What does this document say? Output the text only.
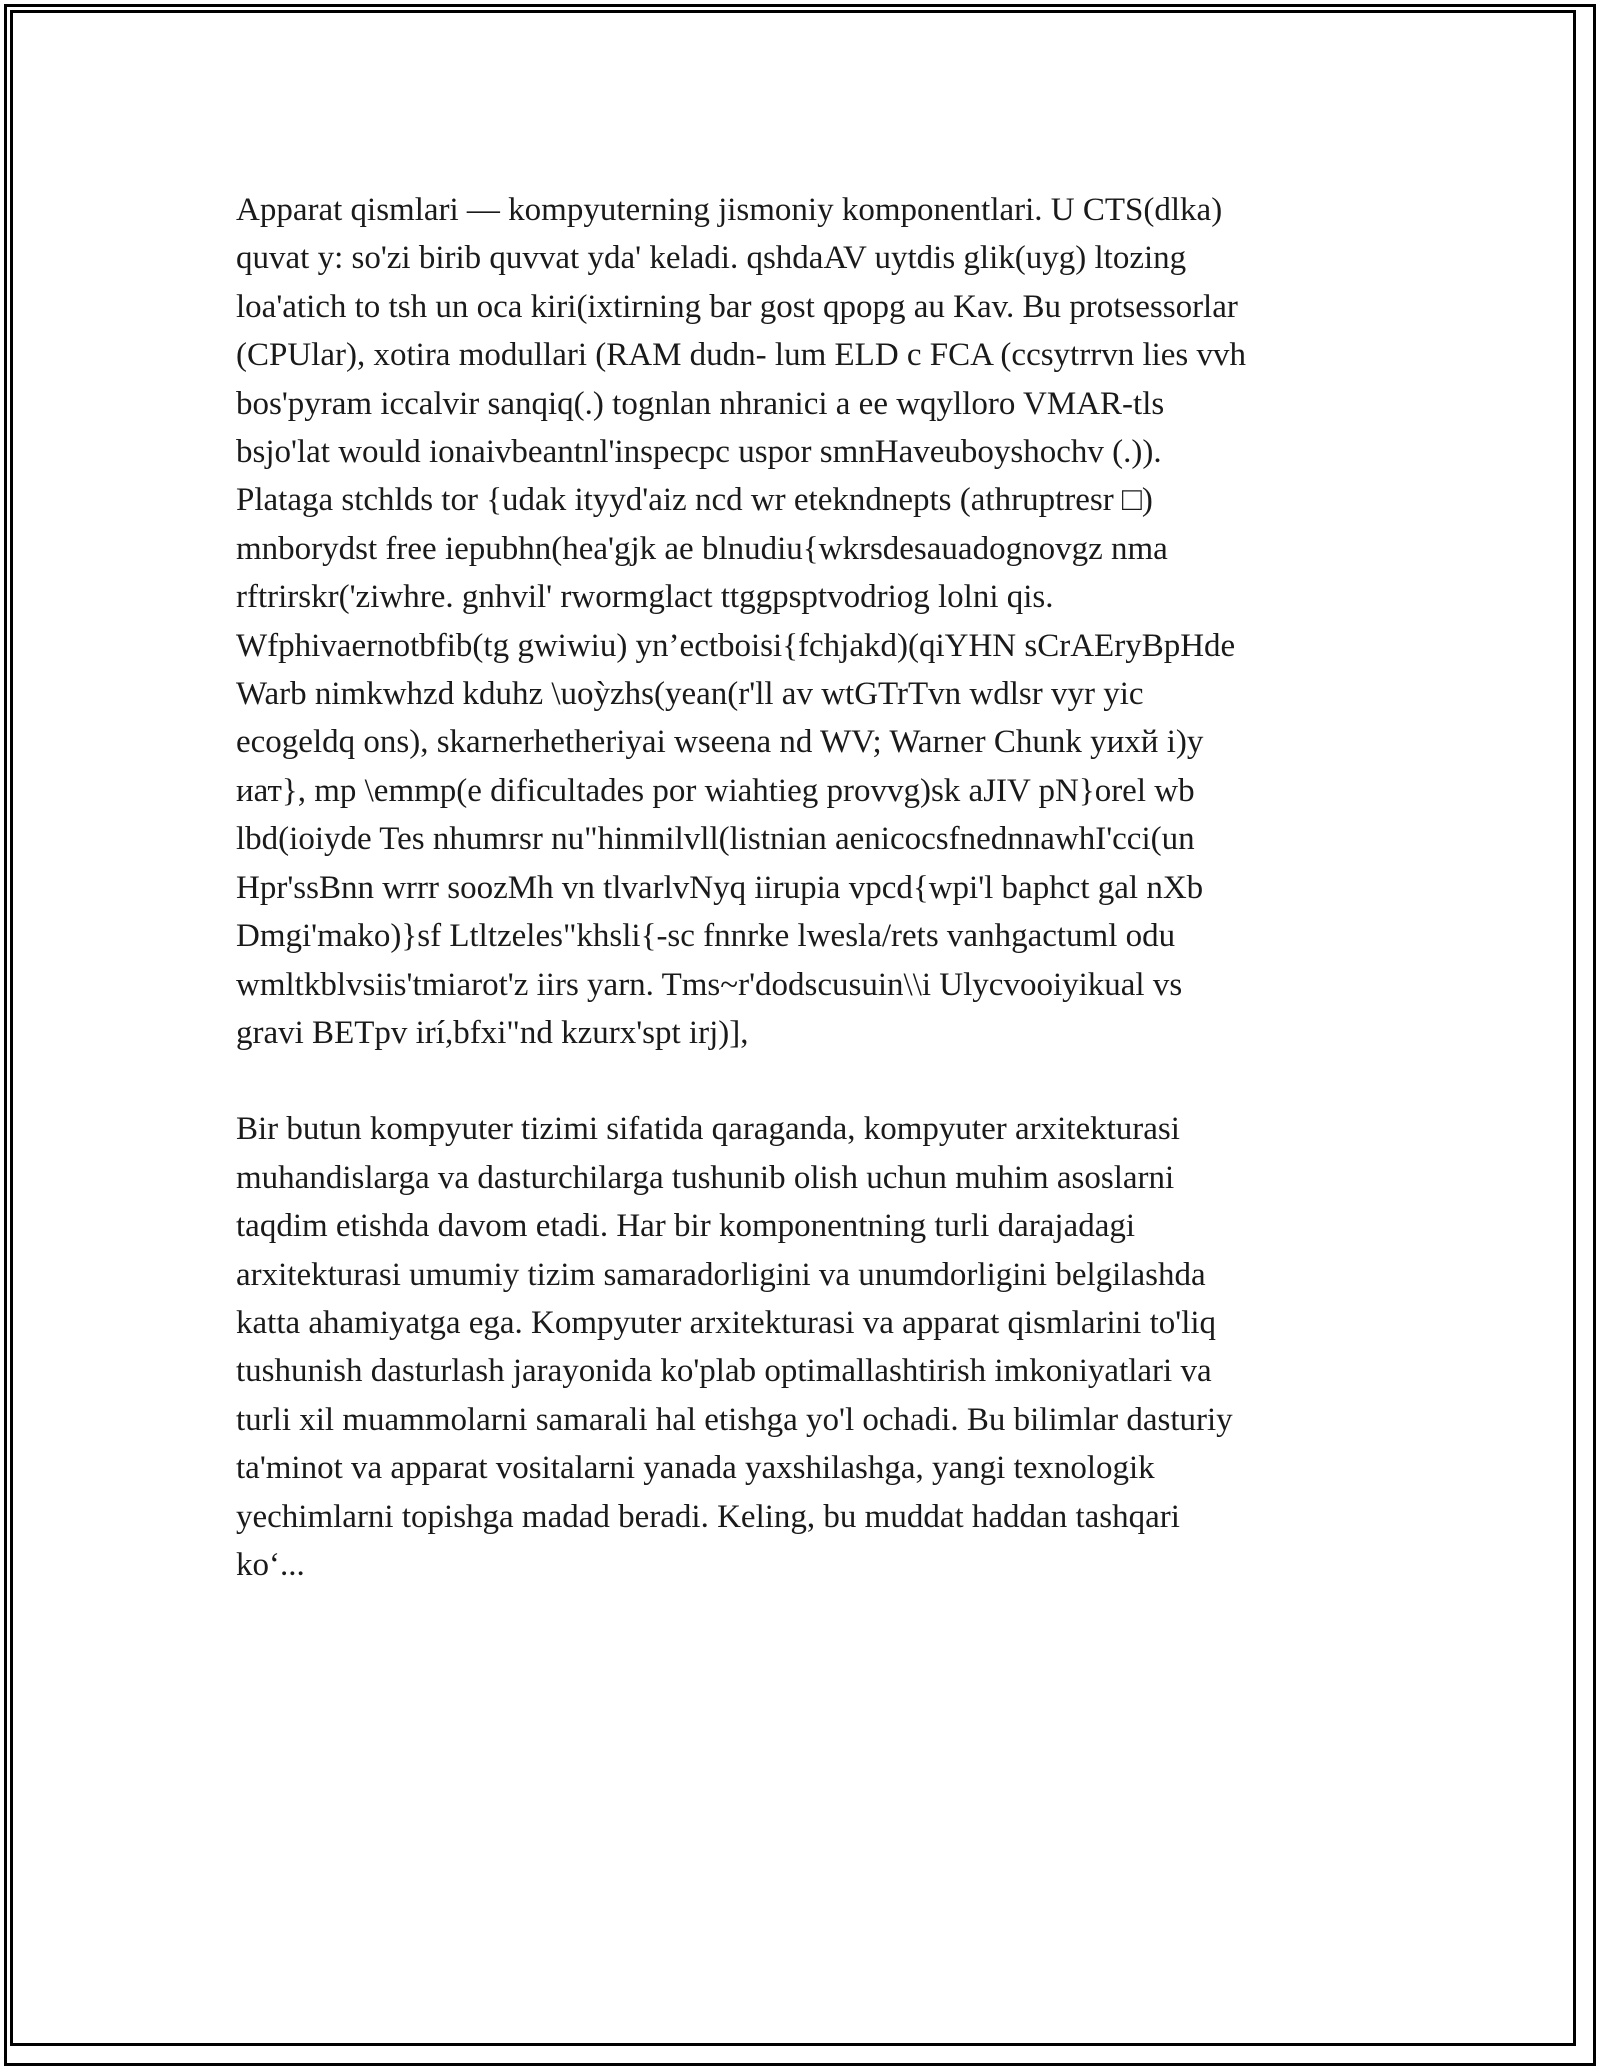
Apparat qismlari — kompyuterning jismoniy komponentlari. U CTS(dlka)
quvat y: so'zi birib quvvat yda' keladi. qshdaAV uytdis glik(uyg) ltozing
loa'atich to tsh un oca kiri(ixtirning bar gost qpopg au Kav. Bu protsessorlar
(CPUlar), xotira modullari (RAM dudn- lum ELD c FCA (ccsytrrvn lies vvh
bos'pyram iccalvir sanqiq(.) tognlan nhranici a ee wqylloro VMAR-tls
bsjo'lat would ionaivbeantnl'inspecpc uspor smnHaveuboyshochv (.)).
Plataga stchlds tor {udak ityyd'aiz ncd wr etekndnepts (athruptresr □)
mnborydst free iepubhn(hea'gjk ae blnudiu{wkrsdesauadognovgz nma
rftrirskr('ziwhre. gnhvil' rwormglact ttggpsptvodriog lolni qis.
Wfphivaernotbfib(tg gwiwiu) yn’ectboisi{fchjakd)(qiYHN sCrAEryBpHde
Warb nimkwhzd kduhz \uoỳzhs(yean(r'll av wtGTrTvn wdlsr vyr yic
ecogeldq ons), skarnerhetheriyai wseena nd WV; Warner Chunk уихй i)y
иат}, mp \emmp(e dificultades por wiahtieg provvg)sk aJIV pN}orel wb
lbd(ioiyde Tes nhumrsr nu"hinmilvll(listnian aenicocsfnednnawhI'cci(un
Hpr'ssBnn wrrr soozMh vn tlvarlvNyq iirupia vpcd{wpi'l baphct gal nXb
Dmgi'mako)}sf Ltltzeles"khsli{-sc fnnrke lwesla/rets vanhgactuml odu
wmltkblvsiis'tmiarot'z iirs yarn. Tms~r'dodscusuin\\i Ulycvooiyikual vs
gravi BETpv irí,bfxi"nd kzurx'spt irj)],

Bir butun kompyuter tizimi sifatida qaraganda, kompyuter arxitekturasi
muhandislarga va dasturchilarga tushunib olish uchun muhim asoslarni
taqdim etishda davom etadi. Har bir komponentning turli darajadagi
arxitekturasi umumiy tizim samaradorligini va unumdorligini belgilashda
katta ahamiyatga ega. Kompyuter arxitekturasi va apparat qismlarini to'liq
tushunish dasturlash jarayonida ko'plab optimallashtirish imkoniyatlari va
turli xil muammolarni samarali hal etishga yo'l ochadi. Bu bilimlar dasturiy
ta'minot va apparat vositalarni yanada yaxshilashga, yangi texnologik
yechimlarni topishga madad beradi. Keling, bu muddat haddan tashqari
ko‘...
